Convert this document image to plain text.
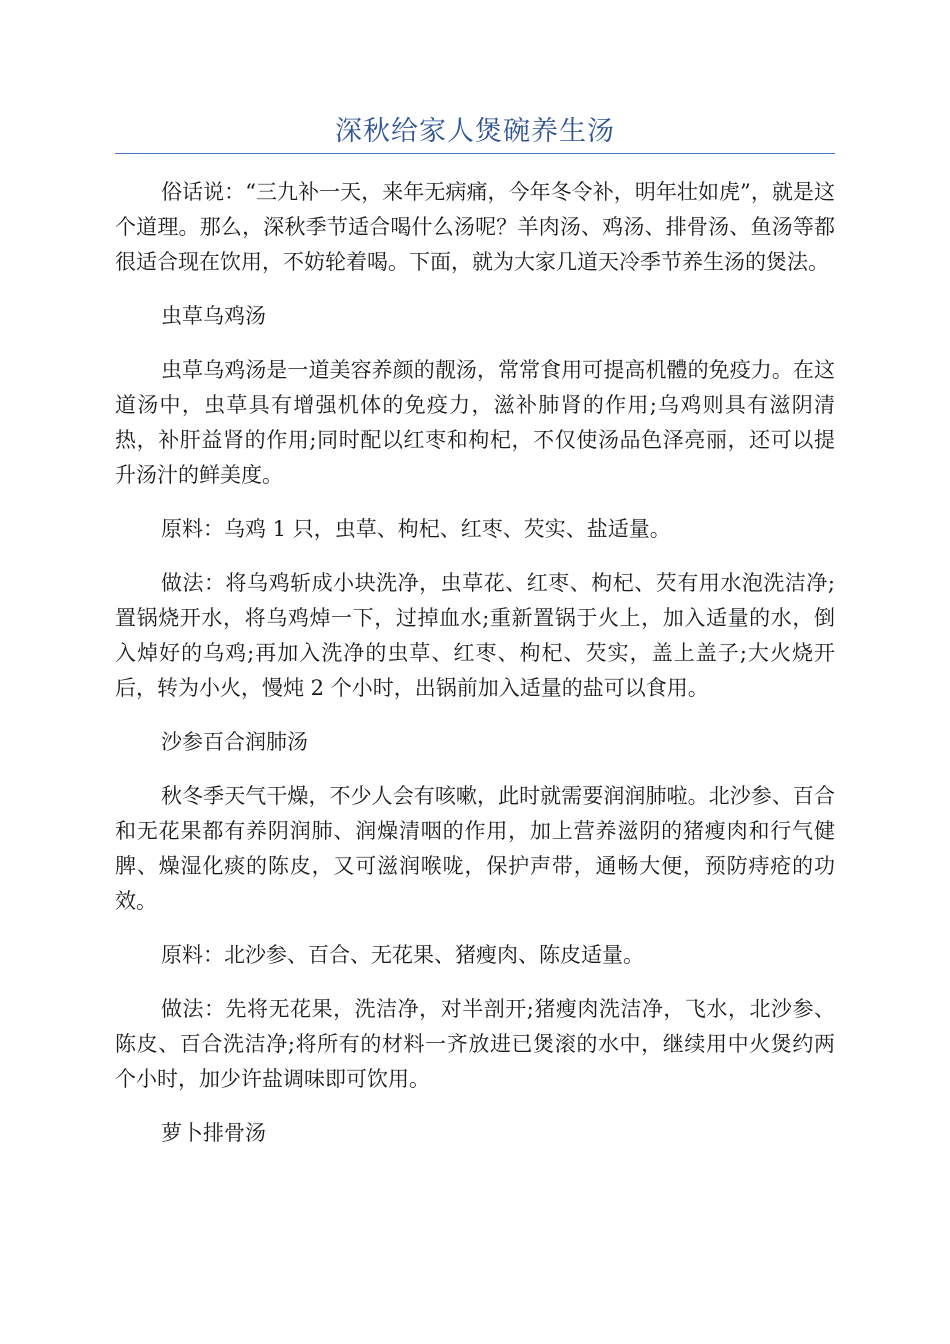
深秋给家人煲碗养生汤

俗话说：“三九补一天，来年无病痛，今年冬令补，明年壮如虎”，就是这个道理。那么，深秋季节适合喝什么汤呢？羊肉汤、鸡汤、排骨汤、鱼汤等都很适合现在饮用，不妨轮着喝。下面，就为大家几道天冷季节养生汤的煲法。

虫草乌鸡汤

虫草乌鸡汤是一道美容养颜的靓汤，常常食用可提高机體的免疫力。在这道汤中，虫草具有增强机体的免疫力，滋补肺肾的作用;乌鸡则具有滋阴清热，补肝益肾的作用;同时配以红枣和枸杞，不仅使汤品色泽亮丽，还可以提升汤汁的鲜美度。

原料：乌鸡 1 只，虫草、枸杞、红枣、芡实、盐适量。

做法：将乌鸡斩成小块洗净，虫草花、红枣、枸杞、芡有用水泡洗洁净;置锅烧开水，将乌鸡焯一下，过掉血水;重新置锅于火上，加入适量的水，倒入焯好的乌鸡;再加入洗净的虫草、红枣、枸杞、芡实，盖上盖子;大火烧开后，转为小火，慢炖 2 个小时，出锅前加入适量的盐可以食用。

沙参百合润肺汤

秋冬季天气干燥，不少人会有咳嗽，此时就需要润润肺啦。北沙参、百合和无花果都有养阴润肺、润燥清咽的作用，加上营养滋阴的猪瘦肉和行气健脾、燥湿化痰的陈皮，又可滋润喉咙，保护声带，通畅大便，预防痔疮的功效。

原料：北沙参、百合、无花果、猪瘦肉、陈皮适量。

做法：先将无花果，洗洁净，对半剖开;猪瘦肉洗洁净，飞水，北沙参、陈皮、百合洗洁净;将所有的材料一齐放进已煲滚的水中，继续用中火煲约两个小时，加少许盐调味即可饮用。

萝卜排骨汤
